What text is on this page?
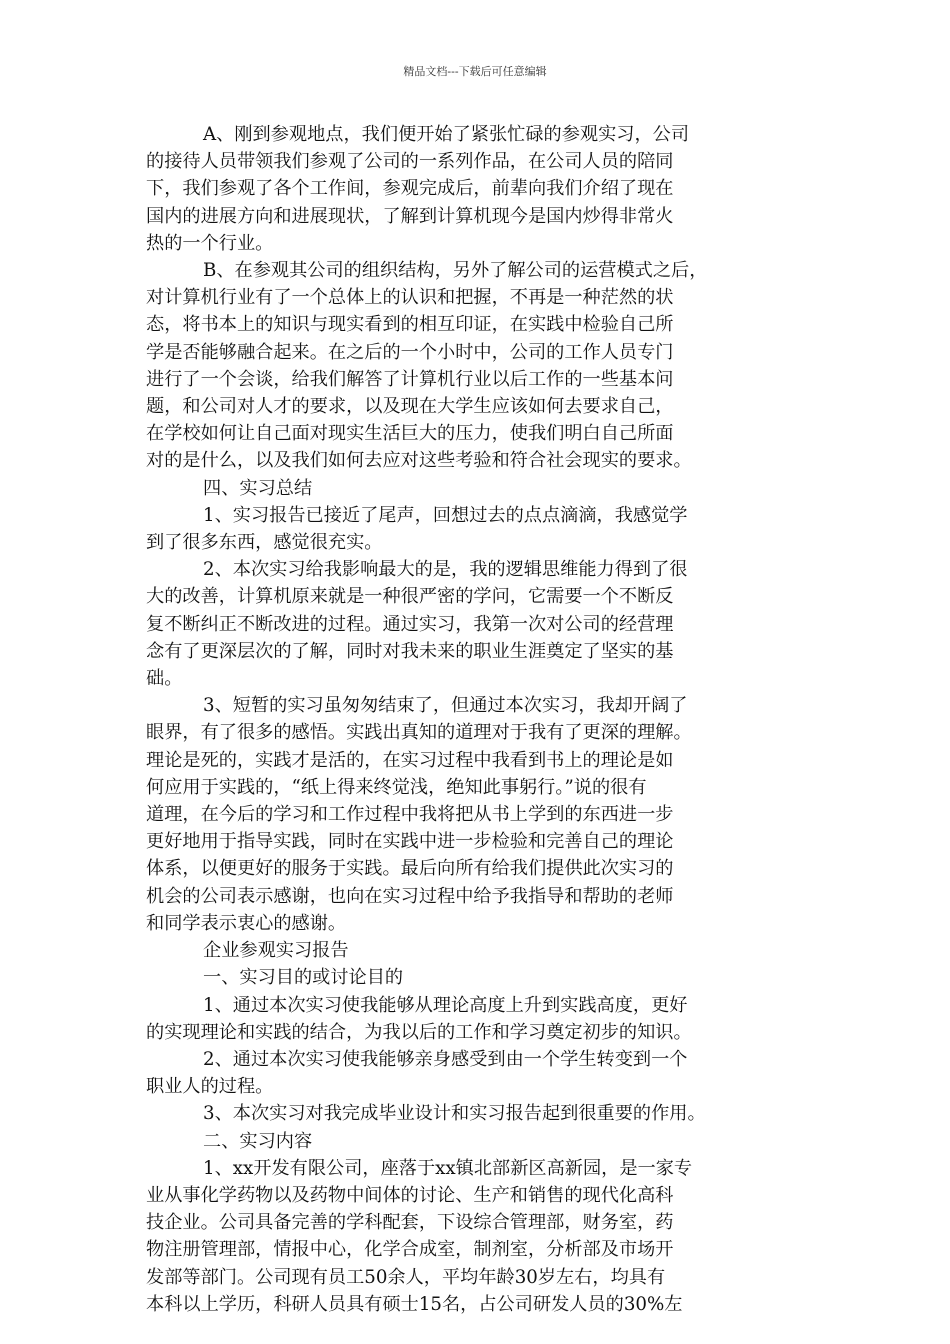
精品文档---下载后可任意编辑
A、刚到参观地点，我们便开始了紧张忙碌的参观实习，公司
的接待人员带领我们参观了公司的一系列作品，在公司人员的陪同
下，我们参观了各个工作间，参观完成后，前辈向我们介绍了现在
国内的进展方向和进展现状，了解到计算机现今是国内炒得非常火
热的一个行业。
B、在参观其公司的组织结构，另外了解公司的运营模式之后，
对计算机行业有了一个总体上的认识和把握，不再是一种茫然的状
态，将书本上的知识与现实看到的相互印证，在实践中检验自己所
学是否能够融合起来。在之后的一个小时中，公司的工作人员专门
进行了一个会谈，给我们解答了计算机行业以后工作的一些基本问
题，和公司对人才的要求，以及现在大学生应该如何去要求自己，
在学校如何让自己面对现实生活巨大的压力，使我们明白自己所面
对的是什么，以及我们如何去应对这些考验和符合社会现实的要求。
四、实习总结
1、实习报告已接近了尾声，回想过去的点点滴滴，我感觉学
到了很多东西，感觉很充实。
2、本次实习给我影响最大的是，我的逻辑思维能力得到了很
大的改善，计算机原来就是一种很严密的学问，它需要一个不断反
复不断纠正不断改进的过程。通过实习，我第一次对公司的经营理
念有了更深层次的了解，同时对我未来的职业生涯奠定了坚实的基
础。
3、短暂的实习虽匆匆结束了，但通过本次实习，我却开阔了
眼界，有了很多的感悟。实践出真知的道理对于我有了更深的理解。
理论是死的，实践才是活的，在实习过程中我看到书上的理论是如
何应用于实践的，“纸上得来终觉浅，绝知此事躬行。”说的很有
道理，在今后的学习和工作过程中我将把从书上学到的东西进一步
更好地用于指导实践，同时在实践中进一步检验和完善自己的理论
体系，以便更好的服务于实践。最后向所有给我们提供此次实习的
机会的公司表示感谢，也向在实习过程中给予我指导和帮助的老师
和同学表示衷心的感谢。
企业参观实习报告
一、实习目的或讨论目的
1、通过本次实习使我能够从理论高度上升到实践高度，更好
的实现理论和实践的结合，为我以后的工作和学习奠定初步的知识。
2、通过本次实习使我能够亲身感受到由一个学生转变到一个
职业人的过程。
3、本次实习对我完成毕业设计和实习报告起到很重要的作用。
二、实习内容
1、xx开发有限公司，座落于xx镇北部新区高新园，是一家专
业从事化学药物以及药物中间体的讨论、生产和销售的现代化高科
技企业。公司具备完善的学科配套，下设综合管理部，财务室，药
物注册管理部，情报中心，化学合成室，制剂室，分析部及市场开
发部等部门。公司现有员工50余人，平均年龄30岁左右，均具有
本科以上学历，科研人员具有硕士15名，占公司研发人员的30%左
